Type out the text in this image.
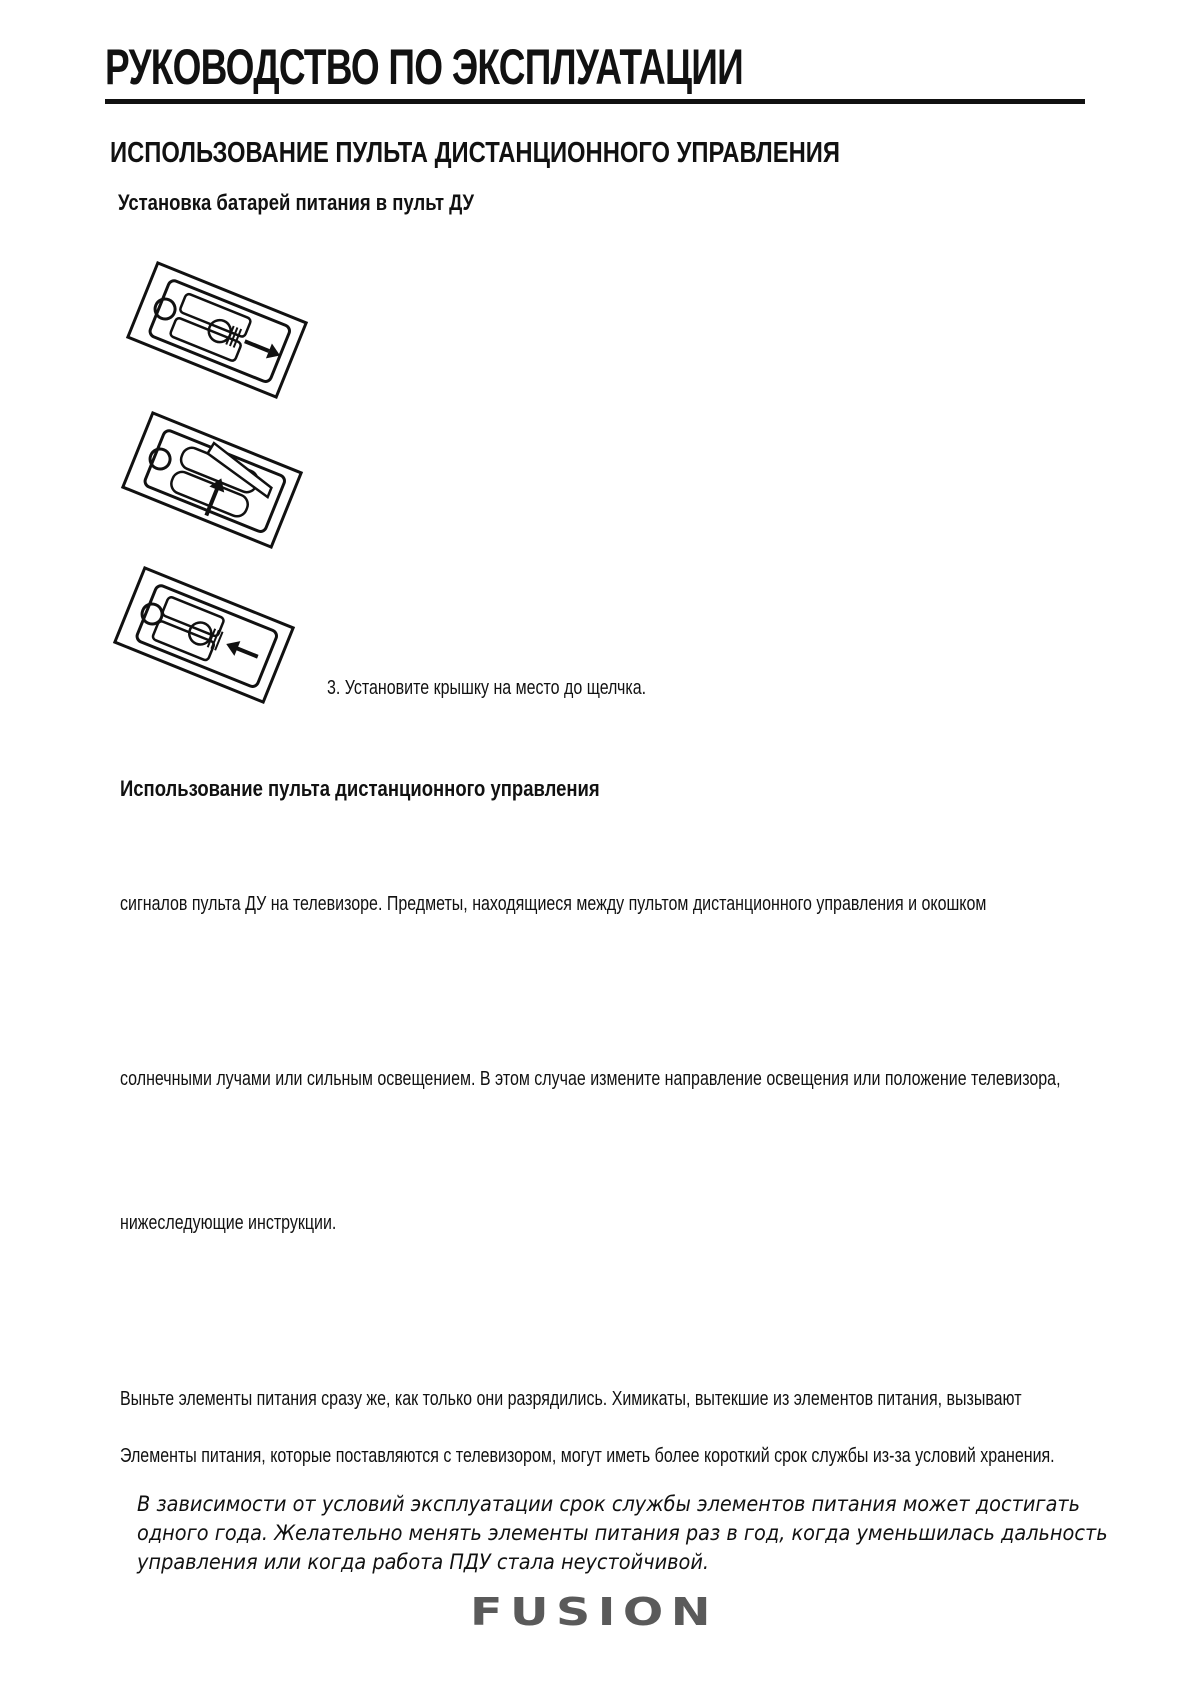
РУКОВОДСТВО ПО ЭКСПЛУАТАЦИИ
ИСПОЛЬЗОВАНИЕ ПУЛЬТА ДИСТАНЦИОННОГО УПРАВЛЕНИЯ
Установка батарей питания в пульт ДУ

3. Установите крышку на место до щелчка.

Использование пульта дистанционного управления

сигналов пульта ДУ на телевизоре. Предметы, находящиеся между пультом дистанционного управления и окошком

солнечными лучами или сильным освещением. В этом случае измените направление освещения или положение телевизора,

нижеследующие инструкции.

Выньте элементы питания сразу же, как только они разрядились. Химикаты, вытекшие из элементов питания, вызывают

Элементы питания, которые поставляются с телевизором, могут иметь более короткий срок службы из-за условий хранения.

В зависимости от условий эксплуатации срок службы элементов питания может достигать
одного года. Желательно менять элементы питания раз в год, когда уменьшилась дальность
управления или когда работа ПДУ стала неустойчивой.
FUSION
